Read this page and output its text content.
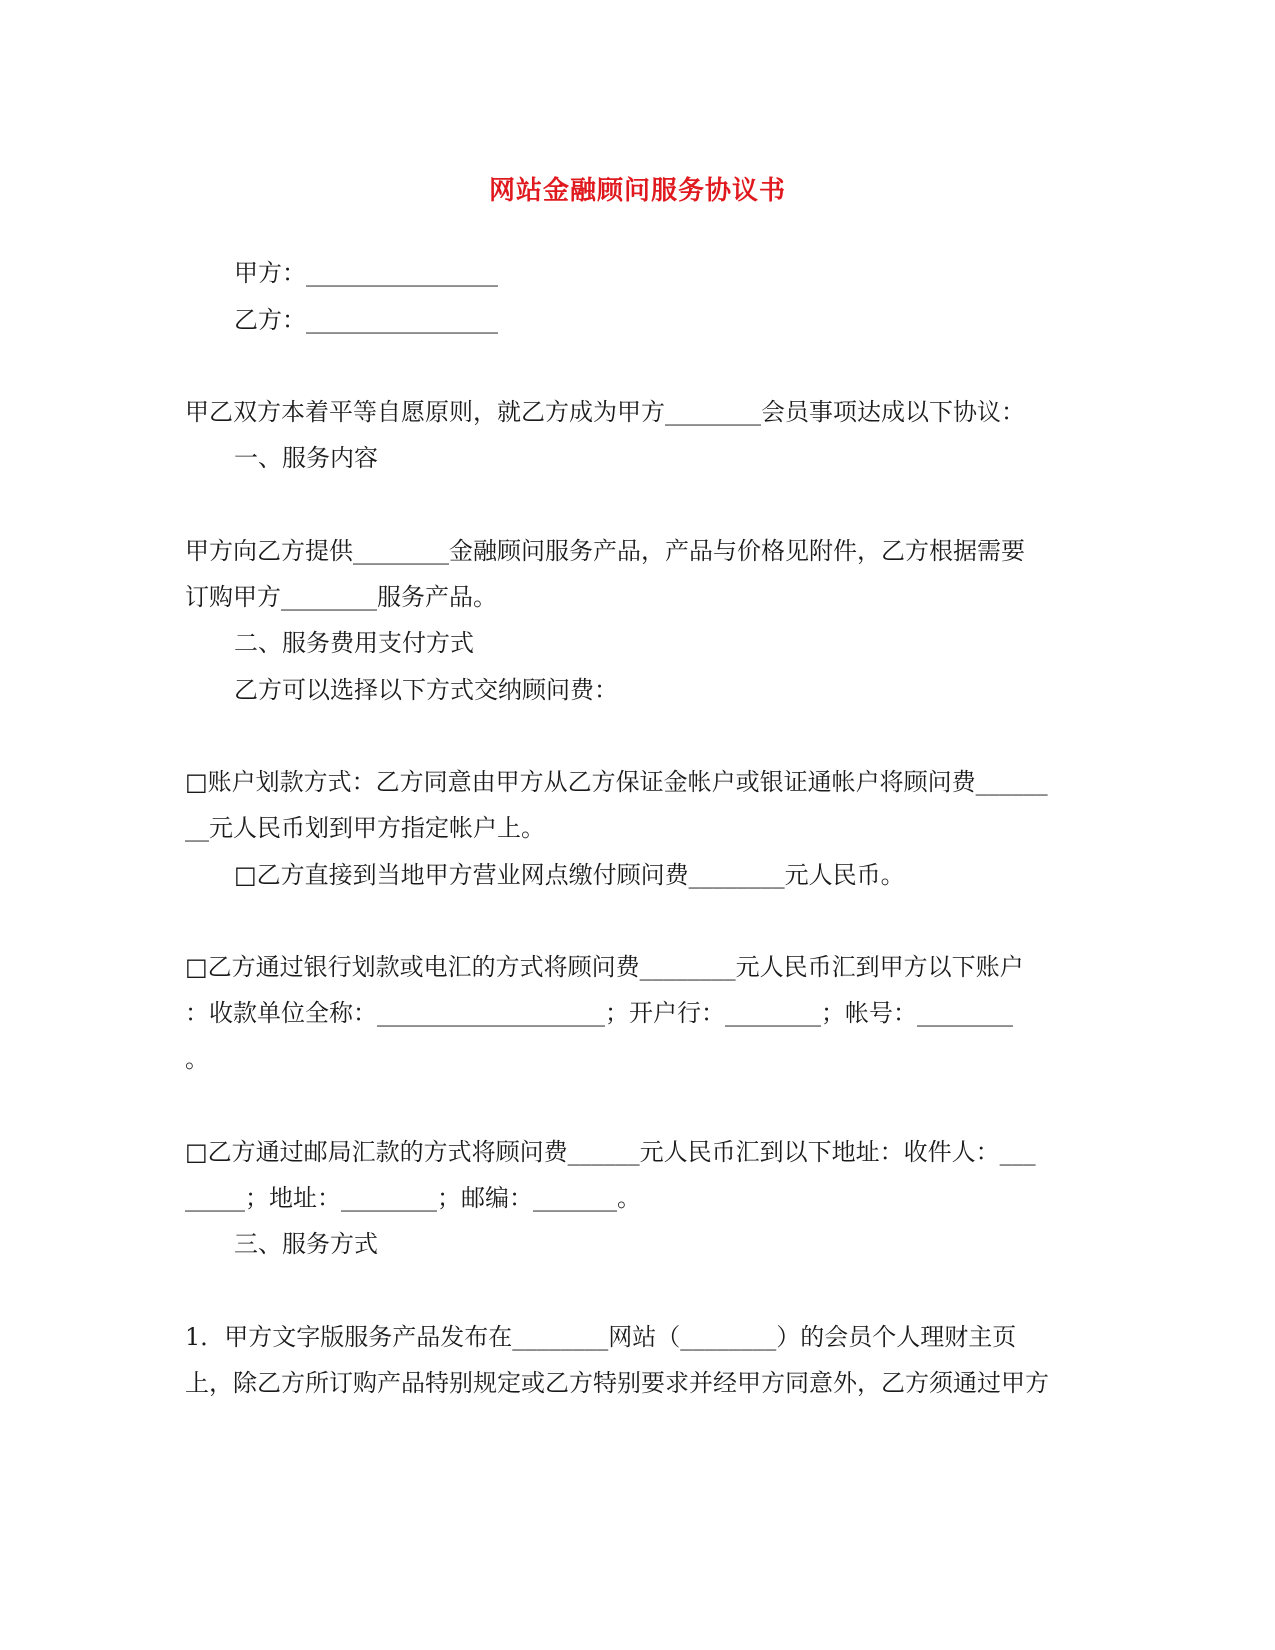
网站金融顾问服务协议书
甲方：________________
乙方：________________
甲乙双方本着平等自愿原则，就乙方成为甲方________会员事项达成以下协议：
一、服务内容
甲方向乙方提供________金融顾问服务产品，产品与价格见附件，乙方根据需要
订购甲方________服务产品。
二、服务费用支付方式
乙方可以选择以下方式交纳顾问费：
□账户划款方式：乙方同意由甲方从乙方保证金帐户或银证通帐户将顾问费______
__元人民币划到甲方指定帐户上。
□乙方直接到当地甲方营业网点缴付顾问费________元人民币。
□乙方通过银行划款或电汇的方式将顾问费________元人民币汇到甲方以下账户
：收款单位全称：___________________；开户行：________；帐号：________
。
□乙方通过邮局汇款的方式将顾问费______元人民币汇到以下地址：收件人：___
_____；地址：________；邮编：_______。
三、服务方式
1．甲方文字版服务产品发布在________网站（________）的会员个人理财主页
上，除乙方所订购产品特别规定或乙方特别要求并经甲方同意外，乙方须通过甲方
